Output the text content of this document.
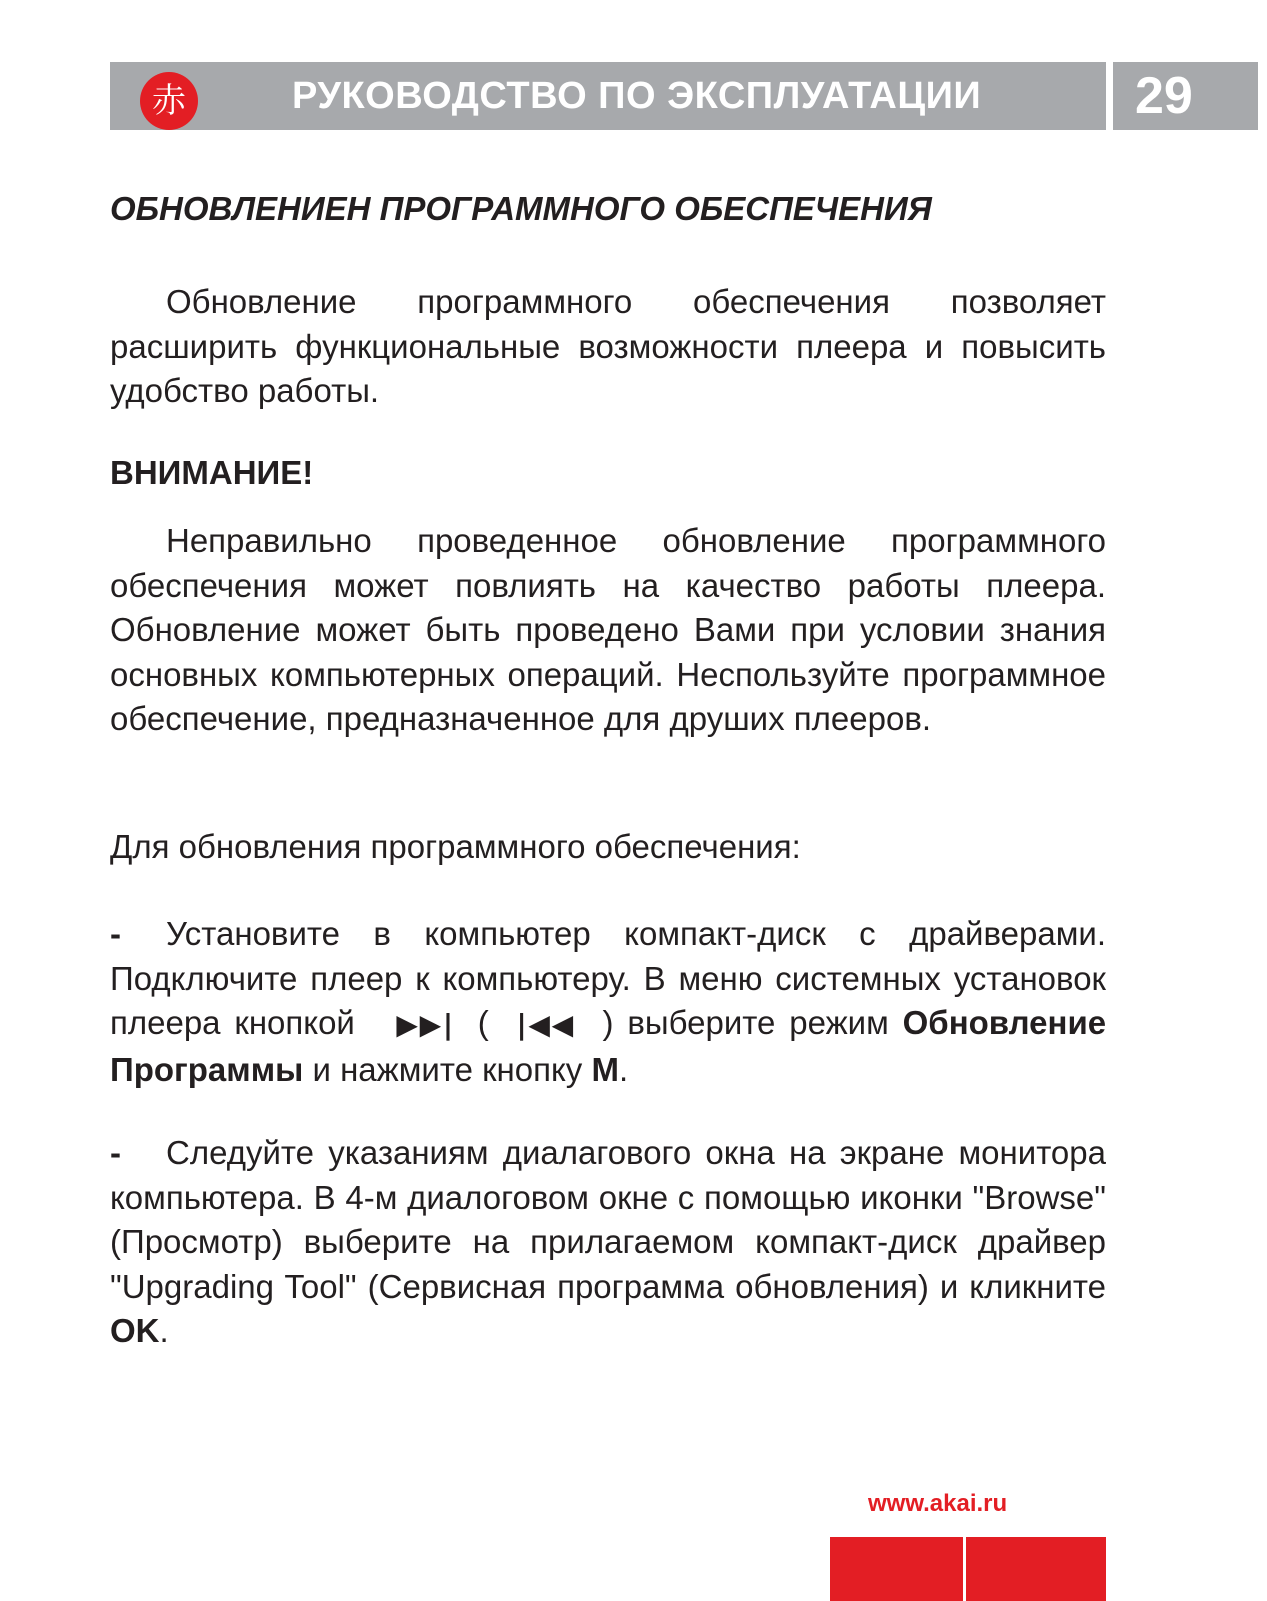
赤	РУКОВОДСТВО ПО ЭКСПЛУАТАЦИИ	29
ОБНОВЛЕНИЕН ПРОГРАММНОГО ОБЕСПЕЧЕНИЯ

Обновление программного обеспечения позволяет расширить функциональные возможности плеера и повысить удобство работы.

ВНИМАНИЕ!

Неправильно проведенное обновление программного обеспечения может повлиять на качество работы плеера. Обновление может быть проведено Вами при условии знания основных компьютерных операций. Неспользуйте программное обеспечение, предназначенное для друших плееров.

Для обновления программного обеспечения:

- Установите в компьютер компакт-диск с драйверами. Подключите плеер к компьютеру. В меню системных установок плеера кнопкой ▶▶| ( |◀◀ ) выберите режим Обновление Программы и нажмите кнопку M.

- Следуйте указаниям диалагового окна на экране монитора компьютера. В 4-м диалоговом окне с помощью иконки "Browse" (Просмотр) выберите на прилагаемом компакт-диск драйвер "Upgrading Tool" (Сервисная программа обновления) и кликните OK.

www.akai.ru
